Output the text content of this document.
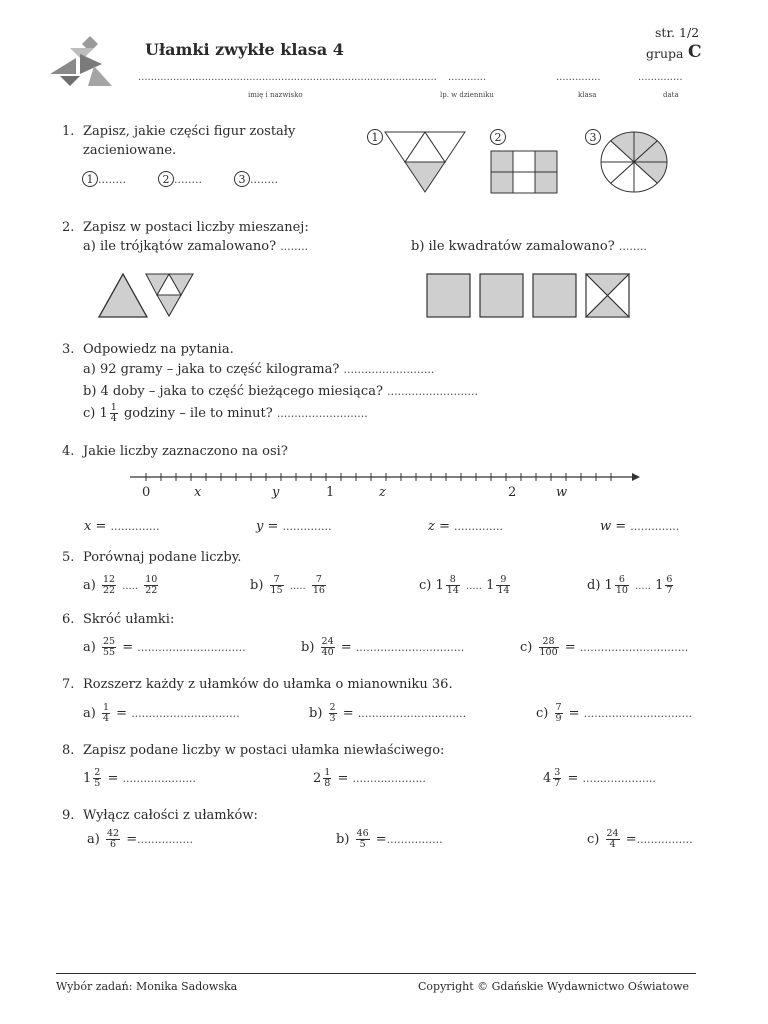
Ułamki zwykłe klasa 4
str. 1/2
grupa C
.............................................................................................. ............	..............	..............
imię i nazwisko	lp. w dzienniku	klasa	data
1. Zapisz, jakie części figur zostały
zacieniowane.
1 ........	2 ........	3 ........
1	2	3
2. Zapisz w postaci liczby mieszanej:
a) ile trójkątów zamalowano? ........	b) ile kwadratów zamalowano? ........
3. Odpowiedz na pytania.
a) 92 gramy – jaka to część kilograma? ..........................
b) 4 doby – jaka to część bieżącego miesiąca? ..........................
c) $1 \frac{1}{4}$ godziny – ile to minut? ..........................
4. Jakie liczby zaznaczono na osi?
0	x	y	1	z	2	w
x = ..............	y = ..............	z = ..............	w = ..............
5. Porównaj podane liczby.
$a) \frac{12}{22}$ ..... $\frac{10}{22}$	$b) \frac{7}{15}$ ..... $\frac{7}{16}$	c) $1 \frac{8}{14}$ ..... $1 \frac{9}{14}$	d) $1 \frac{6}{10}$ ..... $1 \frac{6}{7}$
6. Skróć ułamki:
$a) \frac{25}{55}$ = ...............................	$b) \frac{24}{40}$ = ...............................	$c) \frac{28}{100}$ = ...............................
7. Rozszerz każdy z ułamków do ułamka o mianowniku 36.
$a) \frac{1}{4}$ = ...............................	$b) \frac{2}{3}$ = ...............................	$c) \frac{7}{9}$ = ...............................
8. Zapisz podane liczby w postaci ułamka niewłaściwego:
$1 \frac{2}{5}$ = .....................	$2 \frac{1}{8}$ = .....................	$4 \frac{3}{7}$ = .....................
9. Wyłącz całości z ułamków:
$a) \frac{42}{6}$ =................	$b) \frac{46}{5}$ =................	$c) \frac{24}{4}$ =................
Wybór zadań: Monika Sadowska	Copyright © Gdańskie Wydawnictwo Oświatowe
